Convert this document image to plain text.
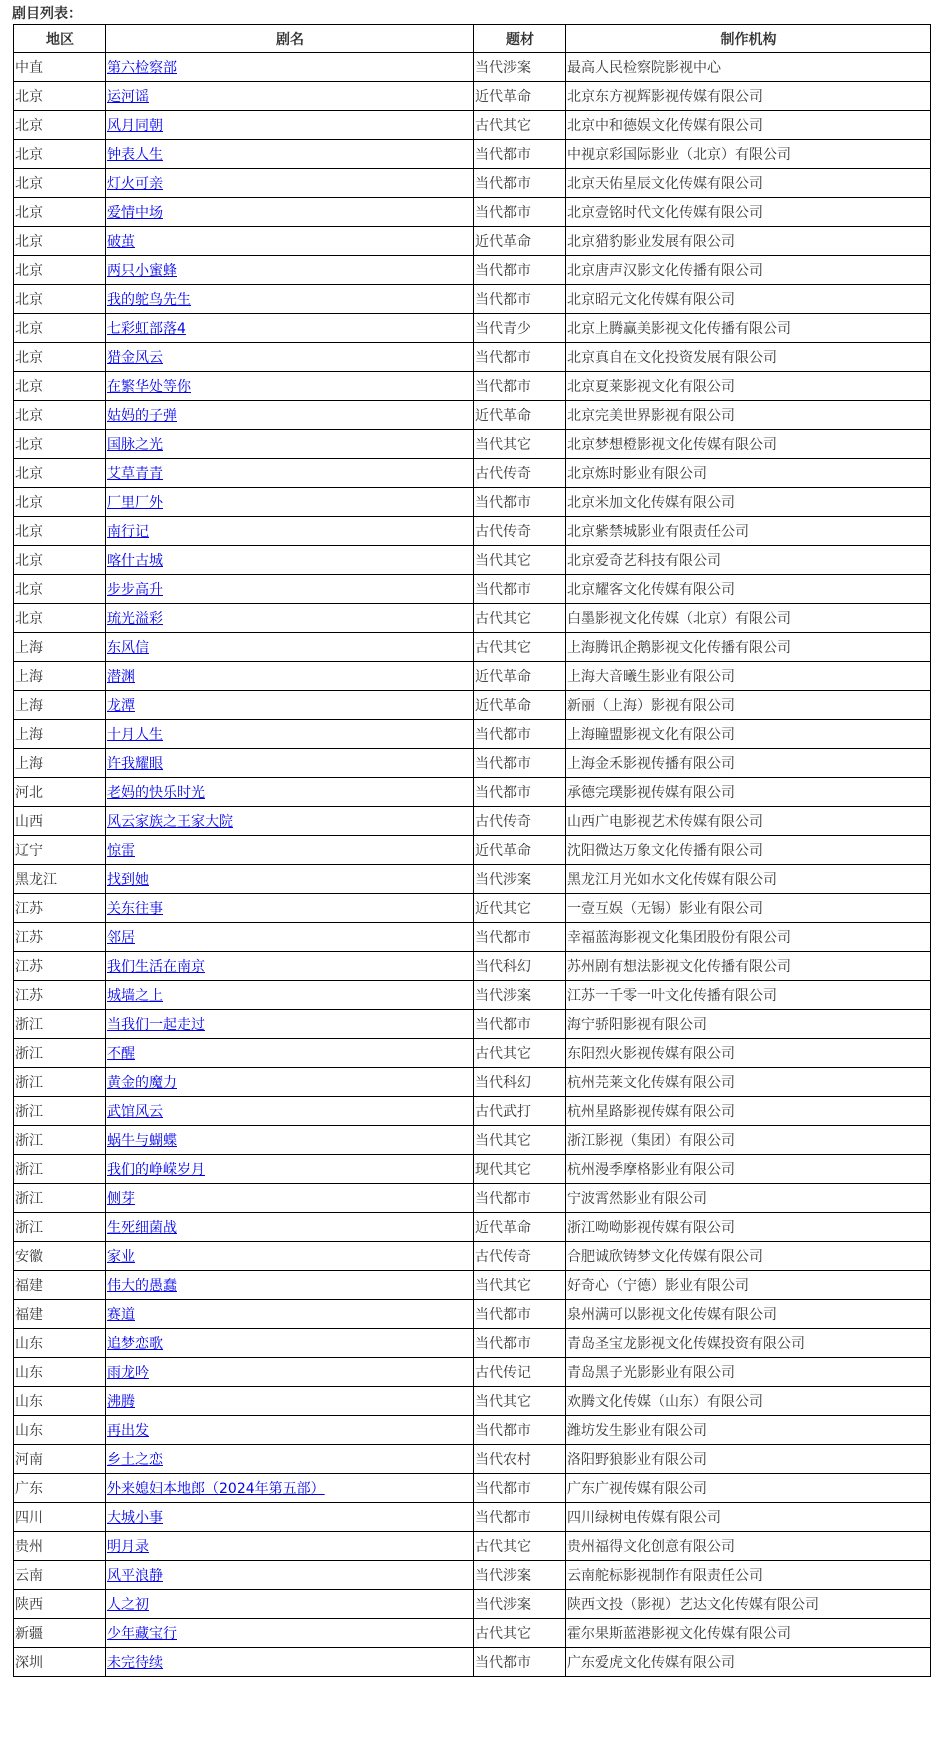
剧目列表：
地区	剧名	题材	制作机构
中直	第六检察部	当代涉案	最高人民检察院影视中心
北京	运河谣	近代革命	北京东方视辉影视传媒有限公司
北京	风月同朝	古代其它	北京中和德娱文化传媒有限公司
北京	钟表人生	当代都市	中视京彩国际影业（北京）有限公司
北京	灯火可亲	当代都市	北京天佑星辰文化传媒有限公司
北京	爱情中场	当代都市	北京壹铭时代文化传媒有限公司
北京	破茧	近代革命	北京猎豹影业发展有限公司
北京	两只小蜜蜂	当代都市	北京唐声汉影文化传播有限公司
北京	我的鸵鸟先生	当代都市	北京昭元文化传媒有限公司
北京	七彩虹部落4	当代青少	北京上腾赢美影视文化传播有限公司
北京	猎金风云	当代都市	北京真自在文化投资发展有限公司
北京	在繁华处等你	当代都市	北京夏莱影视文化有限公司
北京	姑妈的子弹	近代革命	北京完美世界影视有限公司
北京	国脉之光	当代其它	北京梦想橙影视文化传媒有限公司
北京	艾草青青	古代传奇	北京炼时影业有限公司
北京	厂里厂外	当代都市	北京米加文化传媒有限公司
北京	南行记	古代传奇	北京紫禁城影业有限责任公司
北京	喀什古城	当代其它	北京爱奇艺科技有限公司
北京	步步高升	当代都市	北京耀客文化传媒有限公司
北京	琉光溢彩	古代其它	白墨影视文化传媒（北京）有限公司
上海	东风信	古代其它	上海腾讯企鹅影视文化传播有限公司
上海	潜渊	近代革命	上海大音曦生影业有限公司
上海	龙潭	近代革命	新丽（上海）影视有限公司
上海	十月人生	当代都市	上海瞳盟影视文化有限公司
上海	许我耀眼	当代都市	上海金禾影视传播有限公司
河北	老妈的快乐时光	当代都市	承德完璞影视传媒有限公司
山西	风云家族之王家大院	古代传奇	山西广电影视艺术传媒有限公司
辽宁	惊雷	近代革命	沈阳微达万象文化传播有限公司
黑龙江	找到她	当代涉案	黑龙江月光如水文化传媒有限公司
江苏	关东往事	近代其它	一壹互娱（无锡）影业有限公司
江苏	邻居	当代都市	幸福蓝海影视文化集团股份有限公司
江苏	我们生活在南京	当代科幻	苏州剧有想法影视文化传播有限公司
江苏	城墙之上	当代涉案	江苏一千零一叶文化传播有限公司
浙江	当我们一起走过	当代都市	海宁骄阳影视有限公司
浙江	不醒	古代其它	东阳烈火影视传媒有限公司
浙江	黄金的魔力	当代科幻	杭州芫莱文化传媒有限公司
浙江	武馆风云	古代武打	杭州星路影视传媒有限公司
浙江	蜗牛与蝴蝶	当代其它	浙江影视（集团）有限公司
浙江	我们的峥嵘岁月	现代其它	杭州漫季摩格影业有限公司
浙江	侧芽	当代都市	宁波霄然影业有限公司
浙江	生死细菌战	近代革命	浙江呦呦影视传媒有限公司
安徽	家业	古代传奇	合肥诚欣铸梦文化传媒有限公司
福建	伟大的愚蠢	当代其它	好奇心（宁德）影业有限公司
福建	赛道	当代都市	泉州满可以影视文化传媒有限公司
山东	追梦恋歌	当代都市	青岛圣宝龙影视文化传媒投资有限公司
山东	雨龙吟	古代传记	青岛黑子光影影业有限公司
山东	沸腾	当代其它	欢腾文化传媒（山东）有限公司
山东	再出发	当代都市	潍坊发生影业有限公司
河南	乡土之恋	当代农村	洛阳野狼影业有限公司
广东	外来媳妇本地郎（2024年第五部）	当代都市	广东广视传媒有限公司
四川	大城小事	当代都市	四川绿树电传媒有限公司
贵州	明月录	古代其它	贵州福得文化创意有限公司
云南	风平浪静	当代涉案	云南舵标影视制作有限责任公司
陕西	人之初	当代涉案	陕西文投（影视）艺达文化传媒有限公司
新疆	少年藏宝行	古代其它	霍尔果斯蓝港影视文化传媒有限公司
深圳	未完待续	当代都市	广东爱虎文化传媒有限公司
